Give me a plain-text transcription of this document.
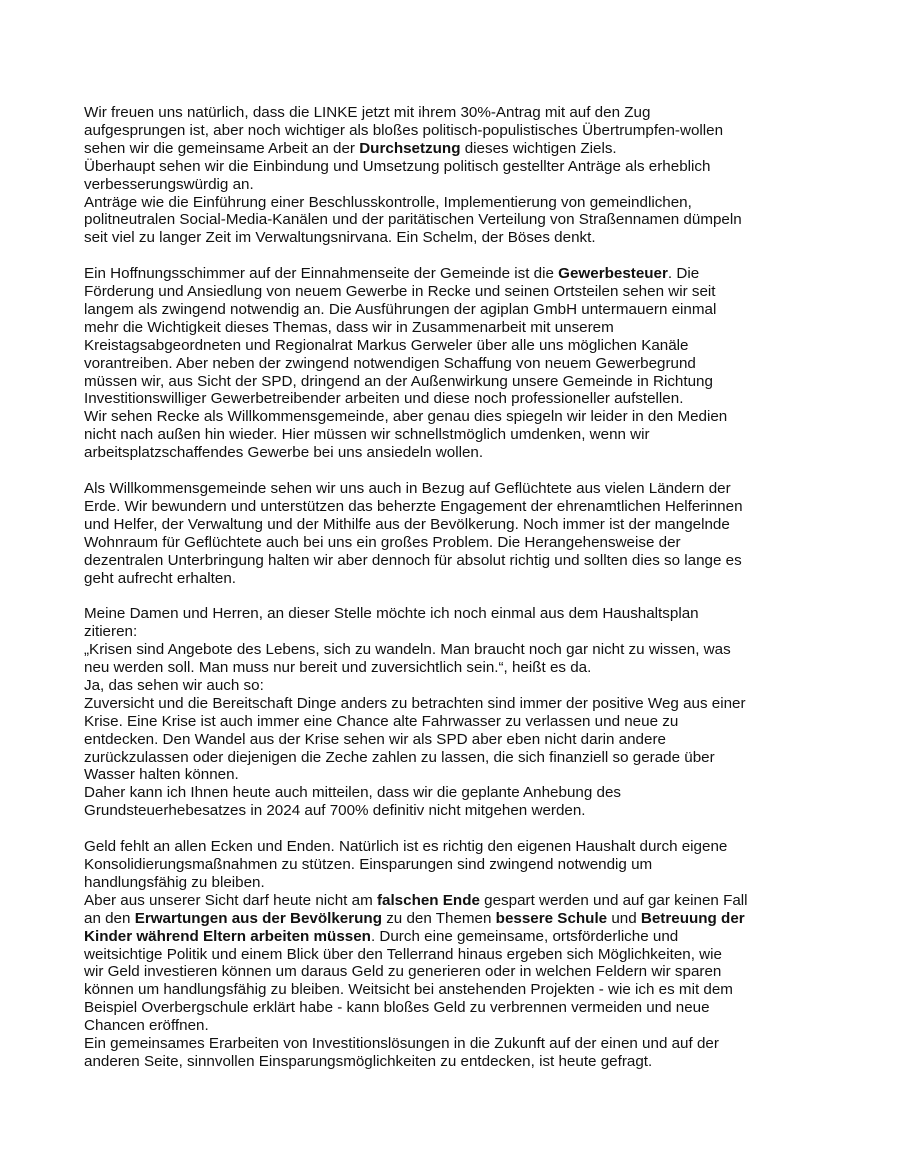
Wir freuen uns natürlich, dass die LINKE jetzt mit ihrem 30%-Antrag mit auf den Zug
aufgesprungen ist, aber noch wichtiger als bloßes politisch-populistisches Übertrumpfen-wollen
sehen wir die gemeinsame Arbeit an der Durchsetzung dieses wichtigen Ziels.
Überhaupt sehen wir die Einbindung und Umsetzung politisch gestellter Anträge als erheblich
verbesserungswürdig an.
Anträge wie die Einführung einer Beschlusskontrolle, Implementierung von gemeindlichen,
politneutralen Social-Media-Kanälen und der paritätischen Verteilung von Straßennamen dümpeln
seit viel zu langer Zeit im Verwaltungsnirvana. Ein Schelm, der Böses denkt.

Ein Hoffnungsschimmer auf der Einnahmenseite der Gemeinde ist die Gewerbesteuer. Die
Förderung und Ansiedlung von neuem Gewerbe in Recke und seinen Ortsteilen sehen wir seit
langem als zwingend notwendig an. Die Ausführungen der agiplan GmbH untermauern einmal
mehr die Wichtigkeit dieses Themas, dass wir in Zusammenarbeit mit unserem
Kreistagsabgeordneten und Regionalrat Markus Gerweler über alle uns möglichen Kanäle
vorantreiben. Aber neben der zwingend notwendigen Schaffung von neuem Gewerbegrund
müssen wir, aus Sicht der SPD, dringend an der Außenwirkung unsere Gemeinde in Richtung
Investitionswilliger Gewerbetreibender arbeiten und diese noch professioneller aufstellen.
Wir sehen Recke als Willkommensgemeinde, aber genau dies spiegeln wir leider in den Medien
nicht nach außen hin wieder. Hier müssen wir schnellstmöglich umdenken, wenn wir
arbeitsplatzschaffendes Gewerbe bei uns ansiedeln wollen.

Als Willkommensgemeinde sehen wir uns auch in Bezug auf Geflüchtete aus vielen Ländern der
Erde. Wir bewundern und unterstützen das beherzte Engagement der ehrenamtlichen Helferinnen
und Helfer, der Verwaltung und der Mithilfe aus der Bevölkerung. Noch immer ist der mangelnde
Wohnraum für Geflüchtete auch bei uns ein großes Problem. Die Herangehensweise der
dezentralen Unterbringung halten wir aber dennoch für absolut richtig und sollten dies so lange es
geht aufrecht erhalten.

Meine Damen und Herren, an dieser Stelle möchte ich noch einmal aus dem Haushaltsplan
zitieren:
„Krisen sind Angebote des Lebens, sich zu wandeln. Man braucht noch gar nicht zu wissen, was
neu werden soll. Man muss nur bereit und zuversichtlich sein.“, heißt es da.
Ja, das sehen wir auch so:
Zuversicht und die Bereitschaft Dinge anders zu betrachten sind immer der positive Weg aus einer
Krise. Eine Krise ist auch immer eine Chance alte Fahrwasser zu verlassen und neue zu
entdecken. Den Wandel aus der Krise sehen wir als SPD aber eben nicht darin andere
zurückzulassen oder diejenigen die Zeche zahlen zu lassen, die sich finanziell so gerade über
Wasser halten können.
Daher kann ich Ihnen heute auch mitteilen, dass wir die geplante Anhebung des
Grundsteuerhebesatzes in 2024 auf 700% definitiv nicht mitgehen werden.

Geld fehlt an allen Ecken und Enden. Natürlich ist es richtig den eigenen Haushalt durch eigene
Konsolidierungsmaßnahmen zu stützen. Einsparungen sind zwingend notwendig um
handlungsfähig zu bleiben.
Aber aus unserer Sicht darf heute nicht am falschen Ende gespart werden und auf gar keinen Fall
an den Erwartungen aus der Bevölkerung zu den Themen bessere Schule und Betreuung der
Kinder während Eltern arbeiten müssen. Durch eine gemeinsame, ortsförderliche und
weitsichtige Politik und einem Blick über den Tellerrand hinaus ergeben sich Möglichkeiten, wie
wir Geld investieren können um daraus Geld zu generieren oder in welchen Feldern wir sparen
können um handlungsfähig zu bleiben. Weitsicht bei anstehenden Projekten - wie ich es mit dem
Beispiel Overbergschule erklärt habe - kann bloßes Geld zu verbrennen vermeiden und neue
Chancen eröffnen.
Ein gemeinsames Erarbeiten von Investitionslösungen in die Zukunft auf der einen und auf der
anderen Seite, sinnvollen Einsparungsmöglichkeiten zu entdecken, ist heute gefragt.
